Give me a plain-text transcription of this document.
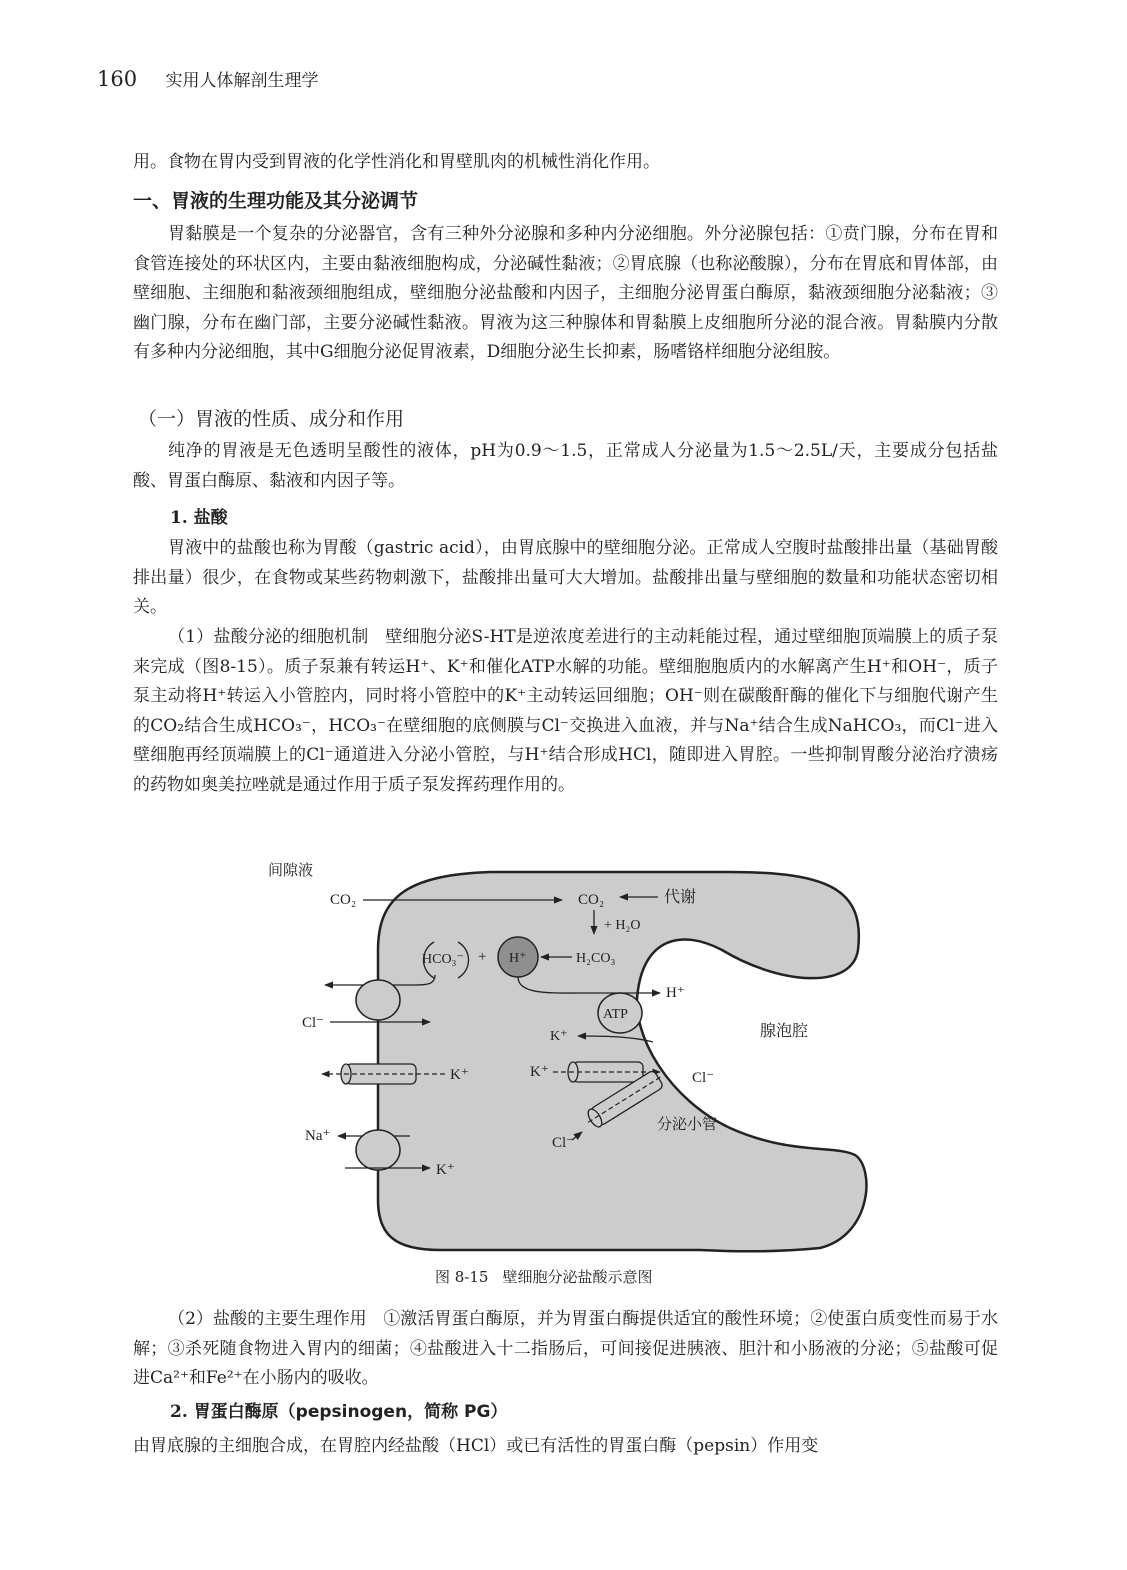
160 实用人体解剖生理学
用。食物在胃内受到胃液的化学性消化和胃壁肌肉的机械性消化作用。
一、胃液的生理功能及其分泌调节
胃黏膜是一个复杂的分泌器官，含有三种外分泌腺和多种内分泌细胞。外分泌腺包括：①贲门腺，分布在胃和食管连接处的环状区内，主要由黏液细胞构成，分泌碱性黏液；②胃底腺（也称泌酸腺），分布在胃底和胃体部，由壁细胞、主细胞和黏液颈细胞组成，壁细胞分泌盐酸和内因子，主细胞分泌胃蛋白酶原，黏液颈细胞分泌黏液；③幽门腺，分布在幽门部，主要分泌碱性黏液。胃液为这三种腺体和胃黏膜上皮细胞所分泌的混合液。胃黏膜内分散有多种内分泌细胞，其中G细胞分泌促胃液素，D细胞分泌生长抑素，肠嗜铬样细胞分泌组胺。
（一）胃液的性质、成分和作用
纯净的胃液是无色透明呈酸性的液体，pH为0.9～1.5，正常成人分泌量为1.5～2.5L/天，主要成分包括盐酸、胃蛋白酶原、黏液和内因子等。
1. 盐酸
胃液中的盐酸也称为胃酸（gastric acid），由胃底腺中的壁细胞分泌。正常成人空腹时盐酸排出量（基础胃酸排出量）很少，在食物或某些药物刺激下，盐酸排出量可大大增加。盐酸排出量与壁细胞的数量和功能状态密切相关。
（1）盐酸分泌的细胞机制 壁细胞分泌S-HT是逆浓度差进行的主动耗能过程，通过壁细胞顶端膜上的质子泵来完成（图8-15）。质子泵兼有转运H⁺、K⁺和催化ATP水解的功能。壁细胞胞质内的水解离产生H⁺和OH⁻，质子泵主动将H⁺转运入小管腔内，同时将小管腔中的K⁺主动转运回细胞；OH⁻则在碳酸酐酶的催化下与细胞代谢产生的CO₂结合生成HCO₃⁻，HCO₃⁻在壁细胞的底侧膜与Cl⁻交换进入血液，并与Na⁺结合生成NaHCO₃，而Cl⁻进入壁细胞再经顶端膜上的Cl⁻通道进入分泌小管腔，与H⁺结合形成HCl，随即进入胃腔。一些抑制胃酸分泌治疗溃疡的药物如奥美拉唑就是通过作用于质子泵发挥药理作用的。
间隙液
CO₂	CO₂	代谢
+ H₂O
HCO₃⁻ + H⁺	H₂CO₃
Cl⁻
H⁺
ATP
K⁺
K⁺	K⁺	Cl⁻
Cl⁻
分泌小管
Na⁺
K⁺
腺泡腔
图 8-15 壁细胞分泌盐酸示意图
（2）盐酸的主要生理作用 ①激活胃蛋白酶原，并为胃蛋白酶提供适宜的酸性环境；②使蛋白质变性而易于水解；③杀死随食物进入胃内的细菌；④盐酸进入十二指肠后，可间接促进胰液、胆汁和小肠液的分泌；⑤盐酸可促进Ca²⁺和Fe²⁺在小肠内的吸收。
2. 胃蛋白酶原（pepsinogen，简称 PG）
由胃底腺的主细胞合成，在胃腔内经盐酸（HCl）或已有活性的胃蛋白酶（pepsin）作用变
